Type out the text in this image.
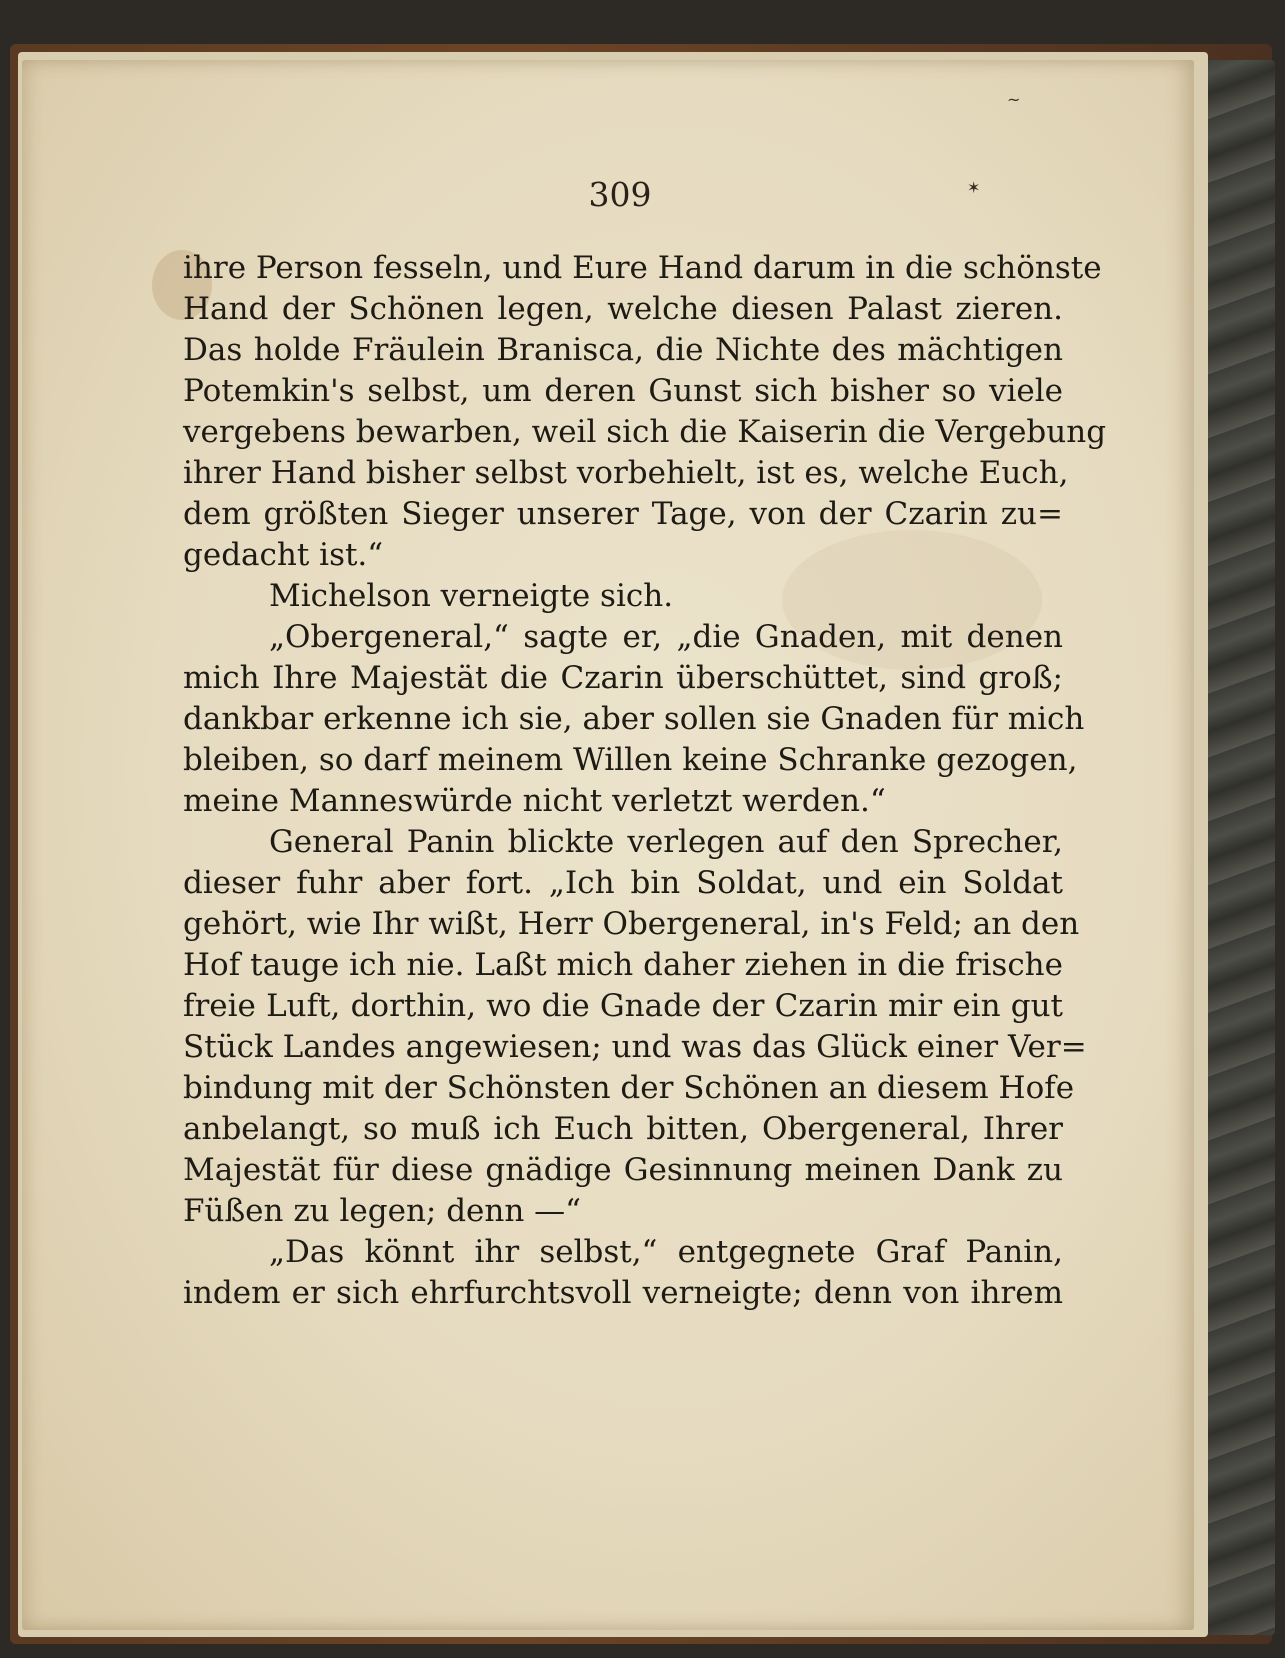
~
✶
309
ihre Person fesseln, und Eure Hand darum in die schönste
Hand der Schönen legen, welche diesen Palast zieren.
Das holde Fräulein Branisca, die Nichte des mächtigen
Potemkin's selbst, um deren Gunst sich bisher so viele
vergebens bewarben, weil sich die Kaiserin die Vergebung
ihrer Hand bisher selbst vorbehielt, ist es, welche Euch,
dem größten Sieger unserer Tage, von der Czarin zu=
gedacht ist.“
Michelson verneigte sich.
„Obergeneral,“ sagte er, „die Gnaden, mit denen
mich Ihre Majestät die Czarin überschüttet, sind groß;
dankbar erkenne ich sie, aber sollen sie Gnaden für mich
bleiben, so darf meinem Willen keine Schranke gezogen,
meine Manneswürde nicht verletzt werden.“
General Panin blickte verlegen auf den Sprecher,
dieser fuhr aber fort. „Ich bin Soldat, und ein Soldat
gehört, wie Ihr wißt, Herr Obergeneral, in's Feld; an den
Hof tauge ich nie. Laßt mich daher ziehen in die frische
freie Luft, dorthin, wo die Gnade der Czarin mir ein gut
Stück Landes angewiesen; und was das Glück einer Ver=
bindung mit der Schönsten der Schönen an diesem Hofe
anbelangt, so muß ich Euch bitten, Obergeneral, Ihrer
Majestät für diese gnädige Gesinnung meinen Dank zu
Füßen zu legen; denn —“
„Das könnt ihr selbst,“ entgegnete Graf Panin,
indem er sich ehrfurchtsvoll verneigte; denn von ihrem
